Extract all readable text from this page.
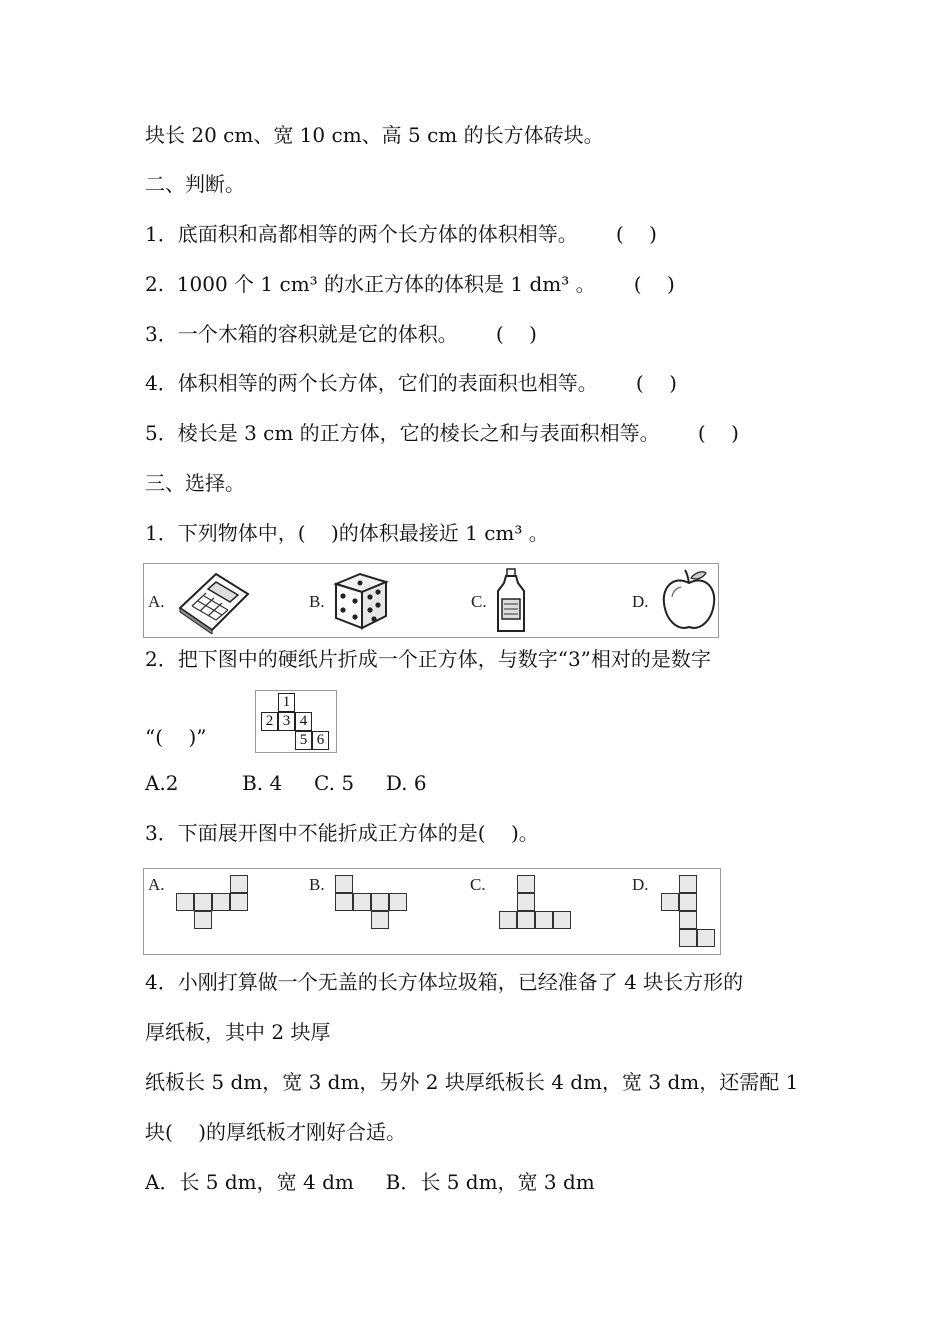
块长 20 cm、宽 10 cm、高 5 cm 的长方体砖块。
二、判断。
1．底面积和高都相等的两个长方体的体积相等。      (    )
2.  1000 个 1 cm³ 的水正方体的体积是 1 dm³ 。      (    )
3．一个木箱的容积就是它的体积。      (    )
4．体积相等的两个长方体，它们的表面积也相等。      (    )
5．棱长是 3 cm 的正方体，它的棱长之和与表面积相等。      (    )
三、选择。
1．下列物体中，(    )的体积最接近 1 cm³ 。
A.	B.	C.	D.
2．把下图中的硬纸片折成一个正方体，与数字“3”相对的是数字
“(    )”
1
2 3 4
5 6
A.2          B. 4     C. 5     D. 6
3．下面展开图中不能折成正方体的是(    )。
A.	B.	C.	D.
4．小刚打算做一个无盖的长方体垃圾箱，已经准备了 4 块长方形的
厚纸板，其中 2 块厚
纸板长 5 dm，宽 3 dm，另外 2 块厚纸板长 4 dm，宽 3 dm，还需配 1
块(    )的厚纸板才刚好合适。
A．长 5 dm，宽 4 dm     B．长 5 dm，宽 3 dm
